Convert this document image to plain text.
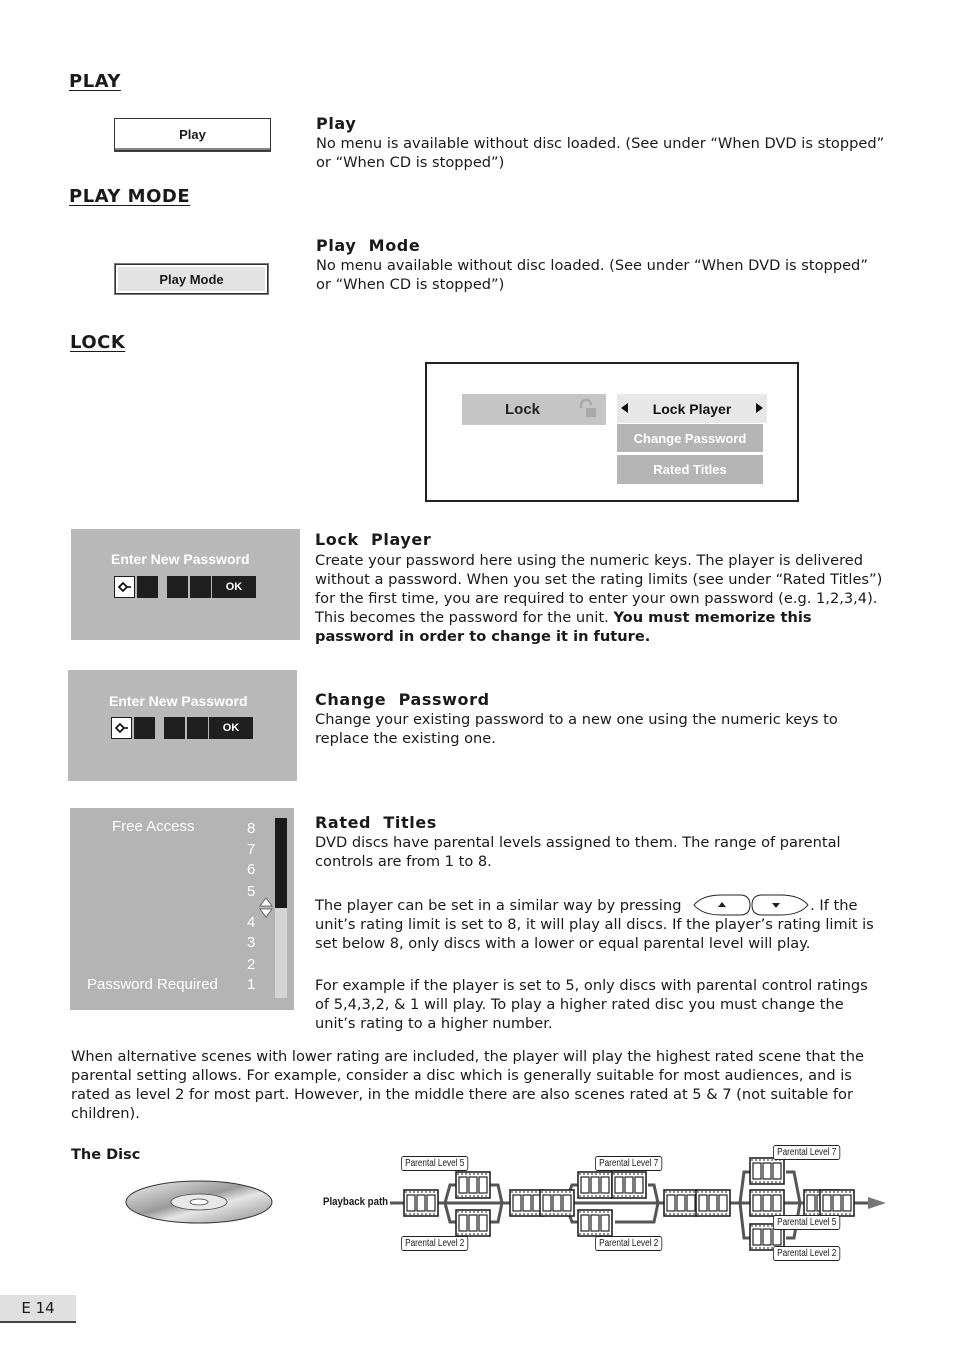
PLAY
Play
Play
No menu is available without disc loaded. (See under “When DVD is stopped” or “When CD is stopped”)
PLAY MODE
Play Mode
Play  Mode
No menu available without disc loaded. (See under “When DVD is stopped” or “When CD is stopped”)
LOCK
Lock	Lock Player
Change Password
Rated Titles
Enter New Password
OK
Lock  Player
Create your password here using the numeric keys. The player is delivered without a password. When you set the rating limits (see under “Rated Titles”) for the first time, you are required to enter your own password (e.g. 1,2,3,4). This becomes the password for the unit. You must memorize this password in order to change it in future.
Enter New Password
OK
Change  Password
Change your existing password to a new one using the numeric keys to replace the existing one.
Free Access
Password Required
8
7
6
5
4
3
2
1
Rated  Titles
DVD discs have parental levels assigned to them. The range of parental controls are from 1 to 8.
The player can be set in a similar way by pressing	. If the unit’s rating limit is set to 8, it will play all discs. If the player’s rating limit is set below 8, only discs with a lower or equal parental level will play.
For example if the player is set to 5, only discs with parental control ratings of 5,4,3,2, & 1 will play. To play a higher rated disc you must change the unit’s rating to a higher number.
When alternative scenes with lower rating are included, the player will play the highest rated scene that the parental setting allows. For example, consider a disc which is generally suitable for most audiences, and is rated as level 2 for most part. However, in the middle there are also scenes rated at 5 & 7 (not suitable for children).
The Disc
Playback path
Parental Level 5
Parental Level 2
Parental Level 7
Parental Level 2
Parental Level 7
Parental Level 5
Parental Level 2
E 14
